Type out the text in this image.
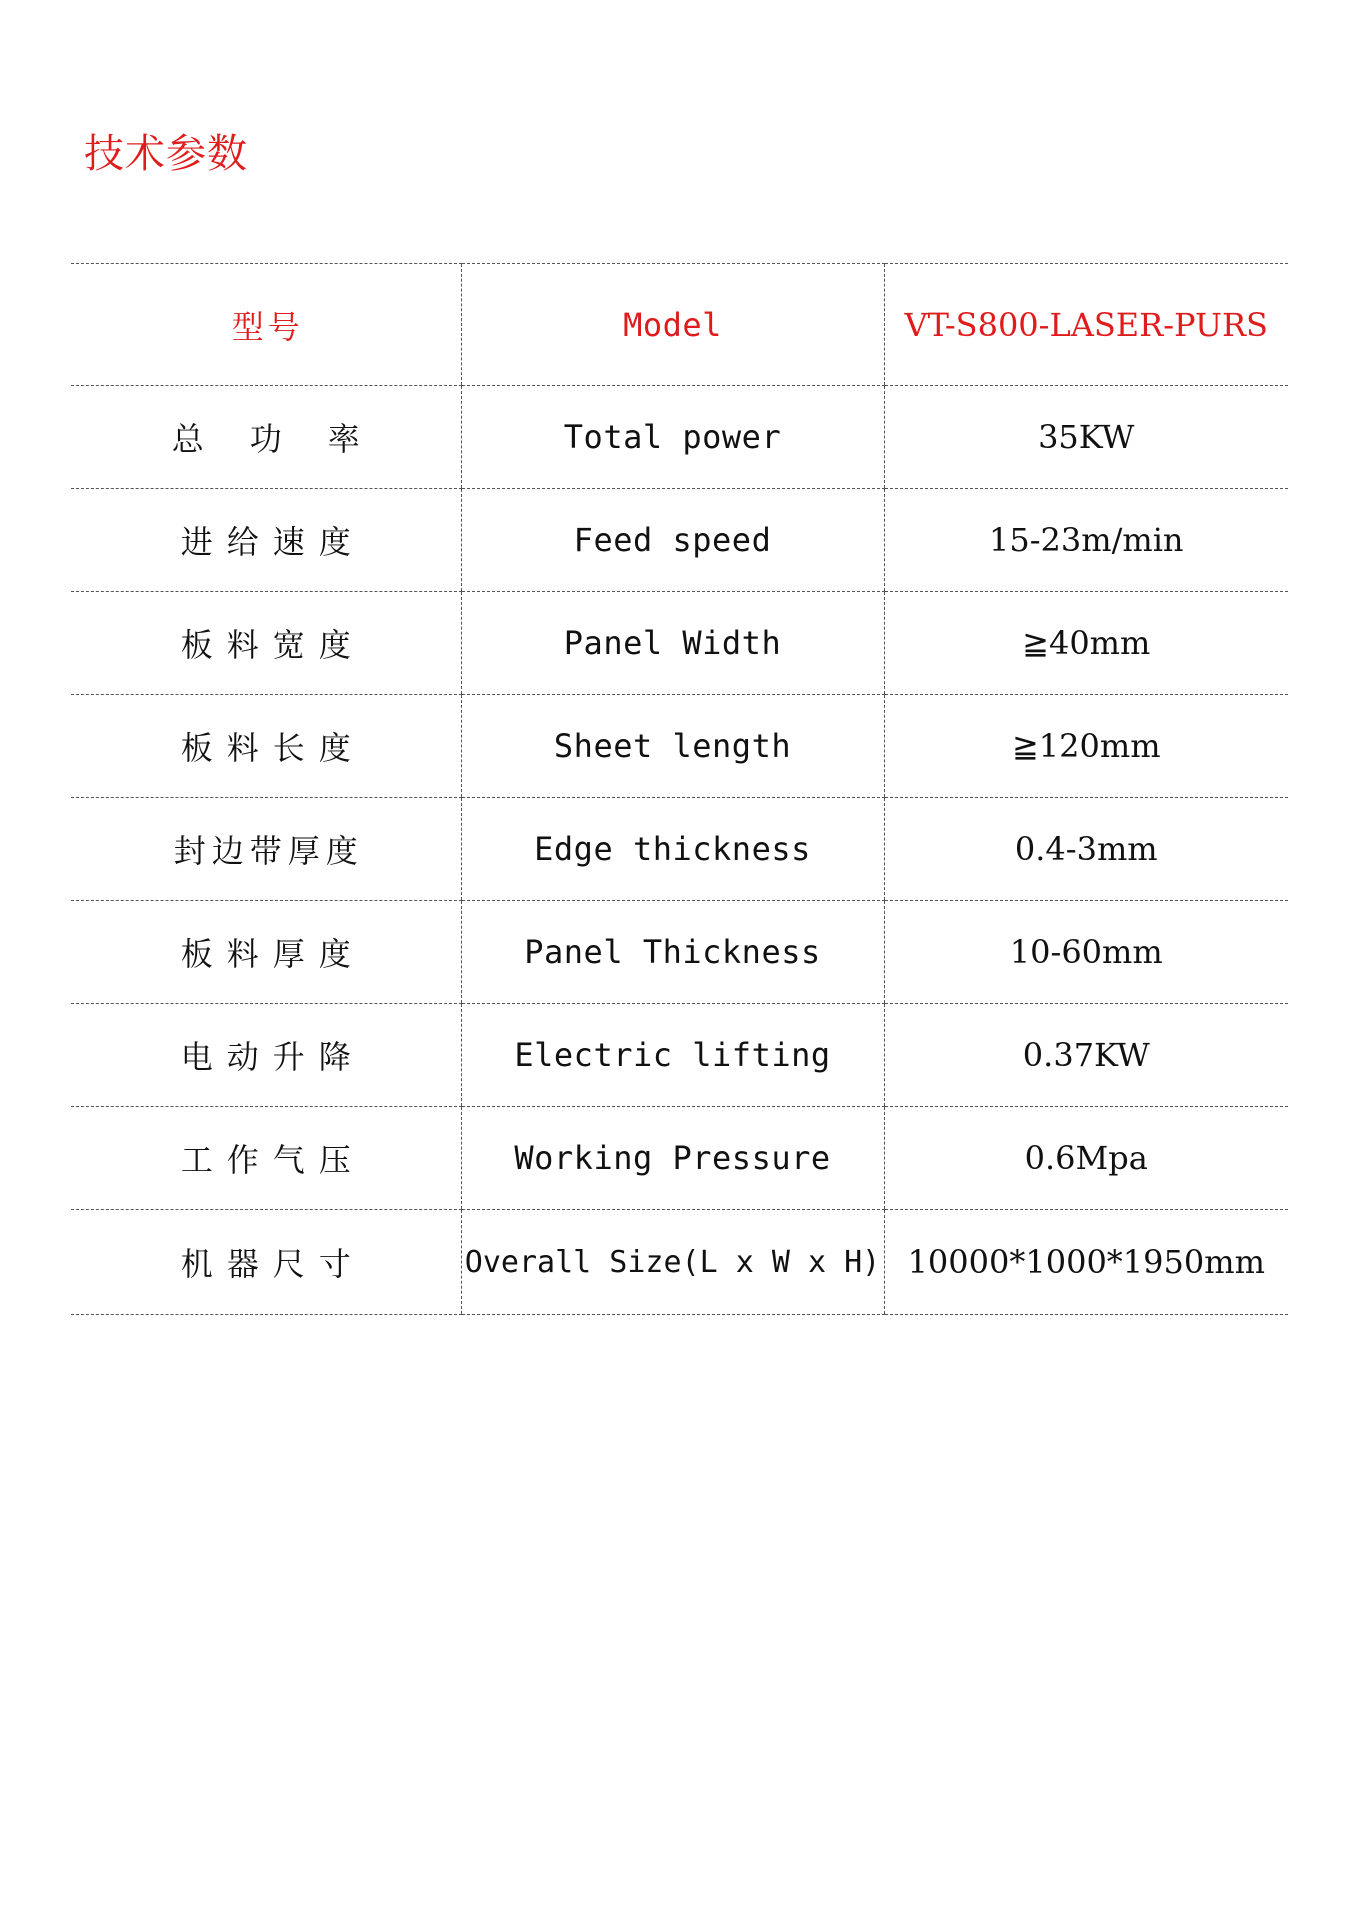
技术参数
型号	Model	VT-S800-LASER-PURS
总功率	Total power	35KW
进给速度	Feed speed	15-23m/min
板料宽度	Panel Width	≧40mm
板料长度	Sheet length	≧120mm
封边带厚度	Edge thickness	0.4-3mm
板料厚度	Panel Thickness	10-60mm
电动升降	Electric lifting	0.37KW
工作气压	Working Pressure	0.6Mpa
机器尺寸	Overall Size(L x W x H)	10000*1000*1950mm
